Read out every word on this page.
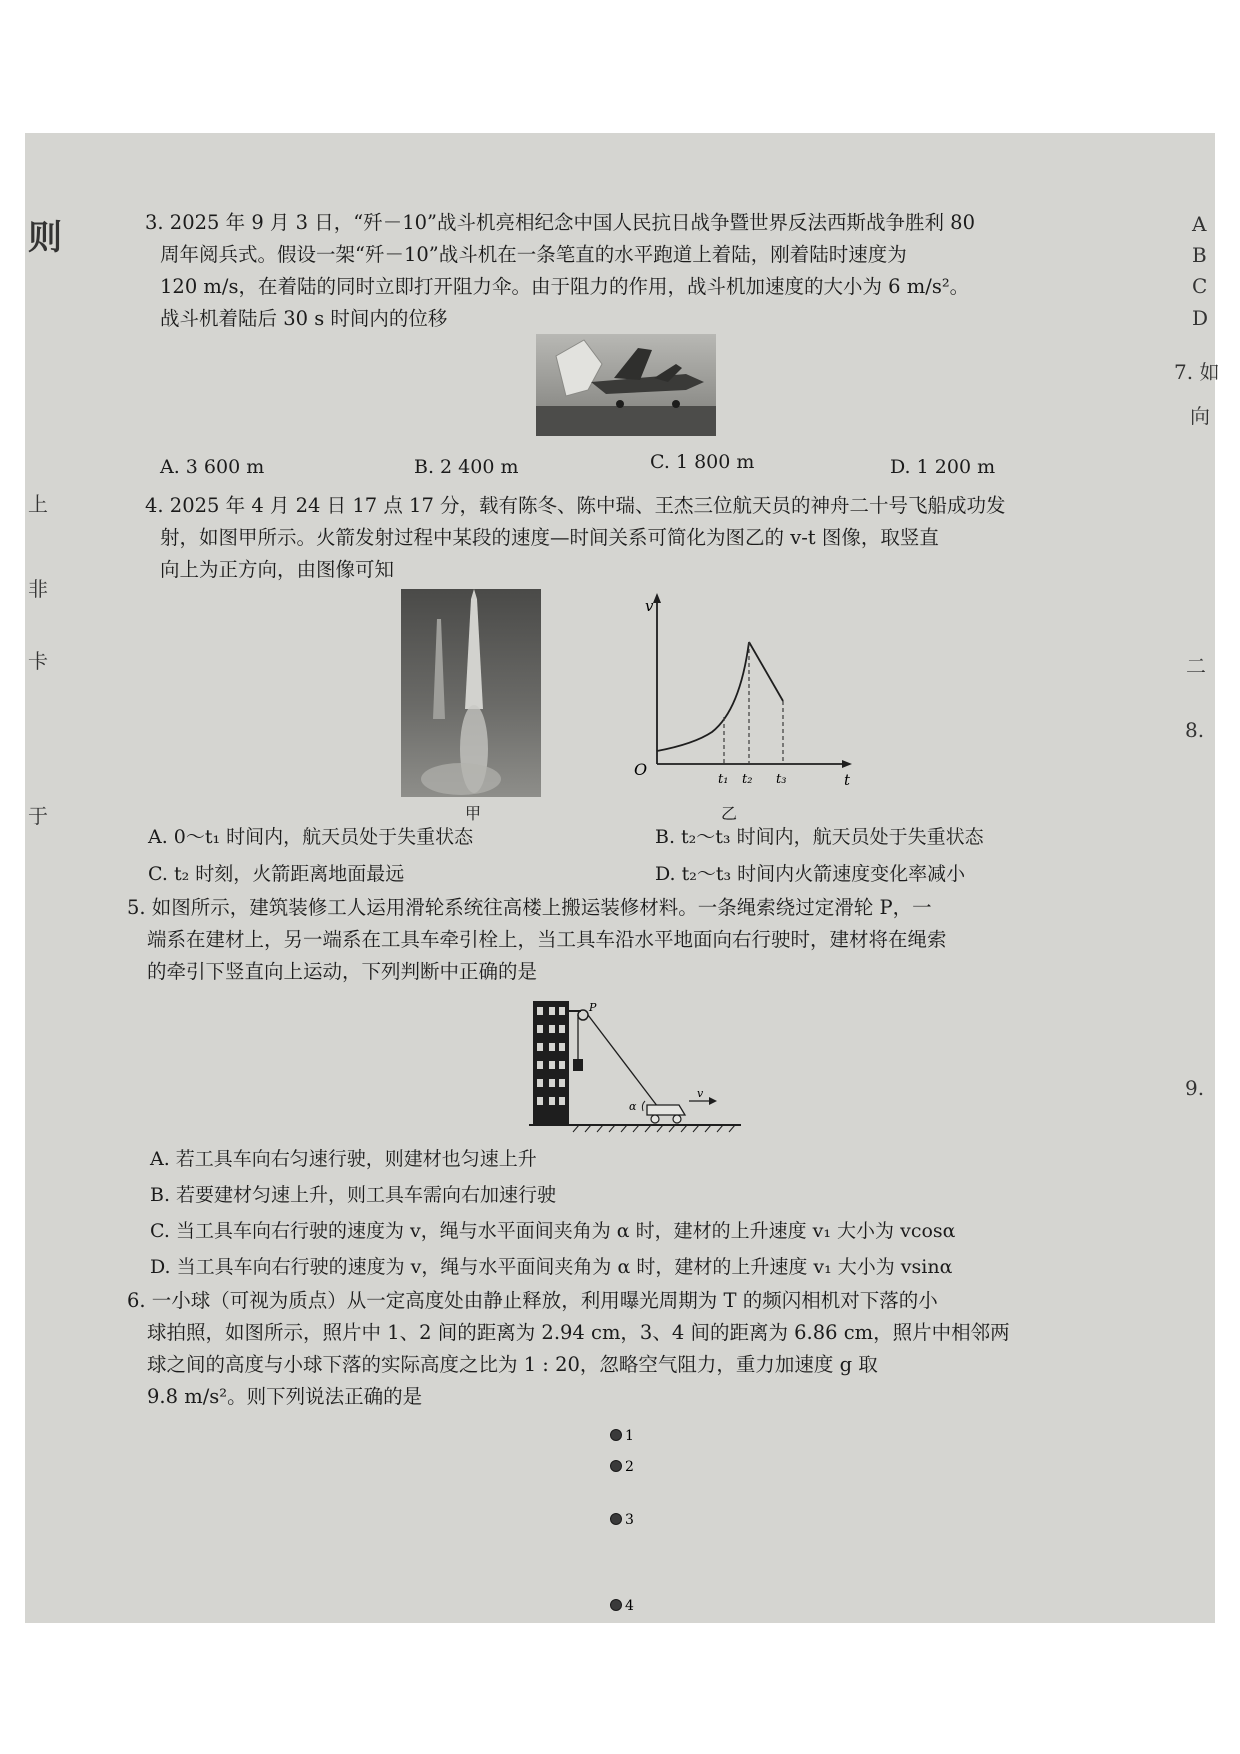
则
上
非
卡
于
A
B
C
D
7. 如
向
二
8.
9.
3. 2025 年 9 月 3 日，“歼－10”战斗机亮相纪念中国人民抗日战争暨世界反法西斯战争胜利 80
周年阅兵式。假设一架“歼－10”战斗机在一条笔直的水平跑道上着陆，刚着陆时速度为
120 m/s，在着陆的同时立即打开阻力伞。由于阻力的作用，战斗机加速度的大小为 6 m/s²。
战斗机着陆后 30 s 时间内的位移
A. 3 600 m	B. 2 400 m	C. 1 800 m	D. 1 200 m
4. 2025 年 4 月 24 日 17 点 17 分，载有陈冬、陈中瑞、王杰三位航天员的神舟二十号飞船成功发
射，如图甲所示。火箭发射过程中某段的速度—时间关系可简化为图乙的 v-t 图像，取竖直
向上为正方向，由图像可知
甲
v
O
t
t₁ t₂ t₃
乙
A. 0～t₁ 时间内，航天员处于失重状态	B. t₂～t₃ 时间内，航天员处于失重状态
C. t₂ 时刻，火箭距离地面最远	D. t₂～t₃ 时间内火箭速度变化率减小
5. 如图所示，建筑装修工人运用滑轮系统往高楼上搬运装修材料。一条绳索绕过定滑轮 P，一
端系在建材上，另一端系在工具车牵引栓上，当工具车沿水平地面向右行驶时，建材将在绳索
的牵引下竖直向上运动，下列判断中正确的是
P
α
v
A. 若工具车向右匀速行驶，则建材也匀速上升
B. 若要建材匀速上升，则工具车需向右加速行驶
C. 当工具车向右行驶的速度为 v，绳与水平面间夹角为 α 时，建材的上升速度 v₁ 大小为 vcosα
D. 当工具车向右行驶的速度为 v，绳与水平面间夹角为 α 时，建材的上升速度 v₁ 大小为 vsinα
6. 一小球（可视为质点）从一定高度处由静止释放，利用曝光周期为 T 的频闪相机对下落的小
球拍照，如图所示，照片中 1、2 间的距离为 2.94 cm，3、4 间的距离为 6.86 cm，照片中相邻两
球之间的高度与小球下落的实际高度之比为 1 : 20，忽略空气阻力，重力加速度 g 取
9.8 m/s²。则下列说法正确的是
1
2
3
4
